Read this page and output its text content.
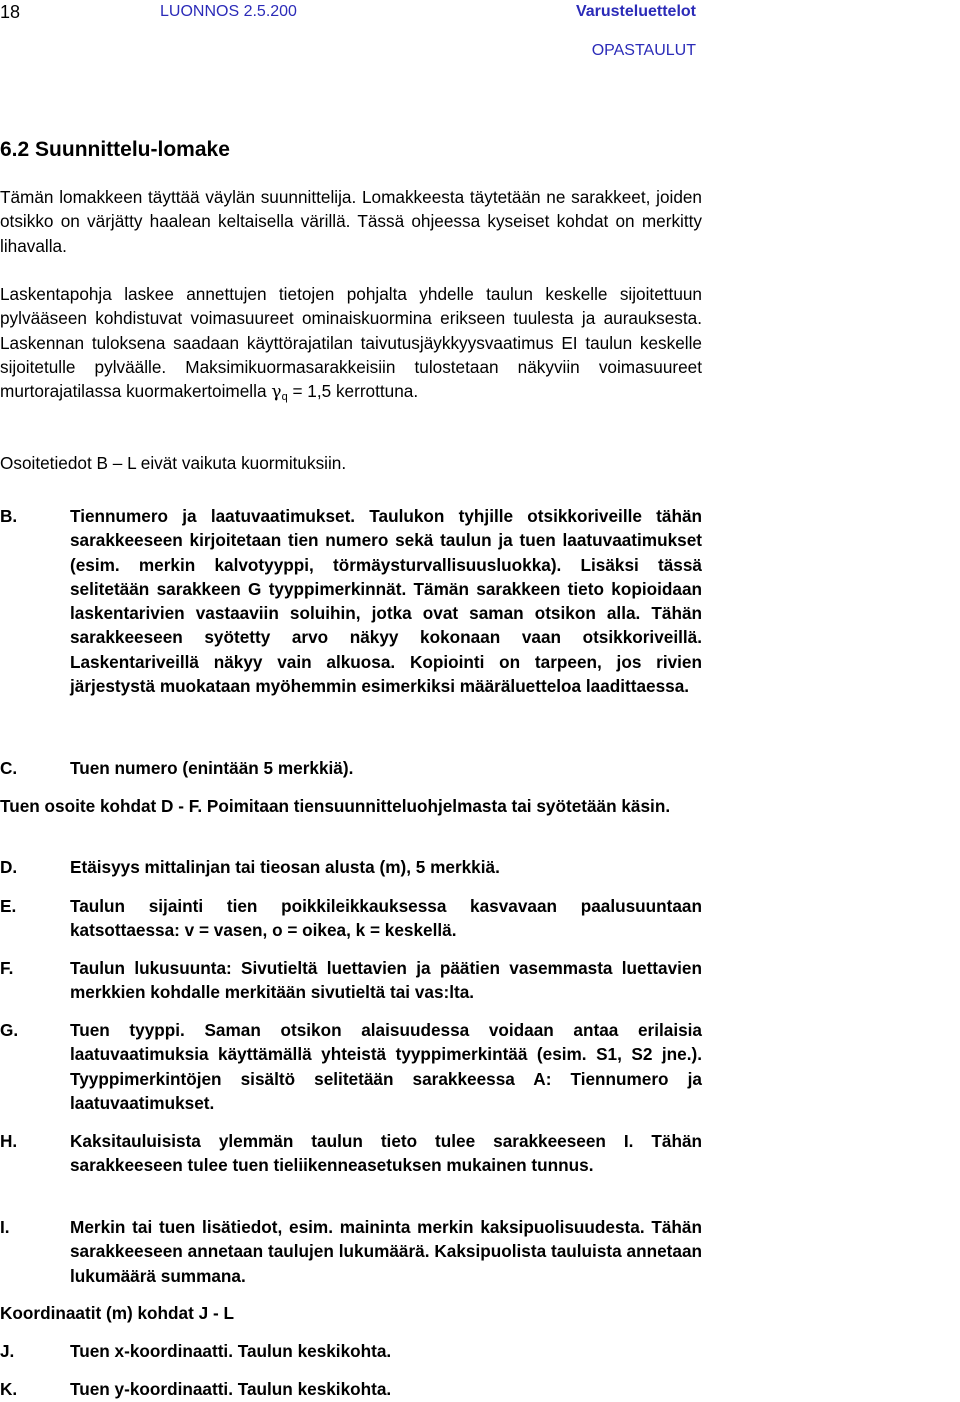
18	LUONNOS 2.5.200	Varusteluettelot
OPASTAULUT
6.2 Suunnittelu-lomake

Tämän lomakkeen täyttää väylän suunnittelija. Lomakkeesta täytetään ne sarakkeet, joiden otsikko on värjätty haalean keltaisella värillä. Tässä ohjeessa kyseiset kohdat on merkitty lihavalla.

Laskentapohja laskee annettujen tietojen pohjalta yhdelle taulun keskelle sijoitettuun pylvääseen kohdistuvat voimasuureet ominaiskuormina erikseen tuulesta ja aurauksesta. Laskennan tuloksena saadaan käyttörajatilan taivutusjäykkyysvaatimus EI taulun keskelle sijoitetulle pylväälle. Maksimikuormasarakkeisiin tulostetaan näkyviin voimasuureet murtorajatilassa kuormakertoimella $\gamma_q = 1,5$ kerrottuna.

Osoitetiedot B – L eivät vaikuta kuormituksiin.

B.	Tiennumero ja laatuvaatimukset. Taulukon tyhjille otsikkoriveille tähän sarakkeeseen kirjoitetaan tien numero sekä taulun ja tuen laatuvaatimukset (esim. merkin kalvotyyppi, törmäysturvallisuusluokka). Lisäksi tässä selitetään sarakkeen G tyyppimerkinnät. Tämän sarakkeen tieto kopioidaan laskentarivien vastaaviin soluihin, jotka ovat saman otsikon alla. Tähän sarakkeeseen syötetty arvo näkyy kokonaan vaan otsikkoriveillä. Laskentariveillä näkyy vain alkuosa. Kopiointi on tarpeen, jos rivien järjestystä muokataan myöhemmin esimerkiksi määräluetteloa laadittaessa.
C.	Tuen numero (enintään 5 merkkiä).

Tuen osoite kohdat D - F. Poimitaan tiensuunnitteluohjelmasta tai syötetään käsin.

D.	Etäisyys mittalinjan tai tieosan alusta (m), 5 merkkiä.
E.	Taulun sijainti tien poikkileikkauksessa kasvavaan paalusuuntaan katsottaessa: v = vasen, o = oikea, k = keskellä.
F.	Taulun lukusuunta: Sivutieltä luettavien ja päätien vasemmasta luettavien merkkien kohdalle merkitään sivutieltä tai vas:lta.
G.	Tuen tyyppi. Saman otsikon alaisuudessa voidaan antaa erilaisia laatuvaatimuksia käyttämällä yhteistä tyyppimerkintää (esim. S1, S2 jne.). Tyyppimerkintöjen sisältö selitetään sarakkeessa A: Tiennumero ja laatuvaatimukset.
H.	Kaksitauluisista ylemmän taulun tieto tulee sarakkeeseen I. Tähän sarakkeeseen tulee tuen tieliikenneasetuksen mukainen tunnus.
I.	Merkin tai tuen lisätiedot, esim. maininta merkin kaksipuolisuudesta. Tähän sarakkeeseen annetaan taulujen lukumäärä. Kaksipuolista tauluista annetaan lukumäärä summana.

Koordinaatit (m) kohdat J - L

J.	Tuen x-koordinaatti. Taulun keskikohta.
K.	Tuen y-koordinaatti. Taulun keskikohta.
